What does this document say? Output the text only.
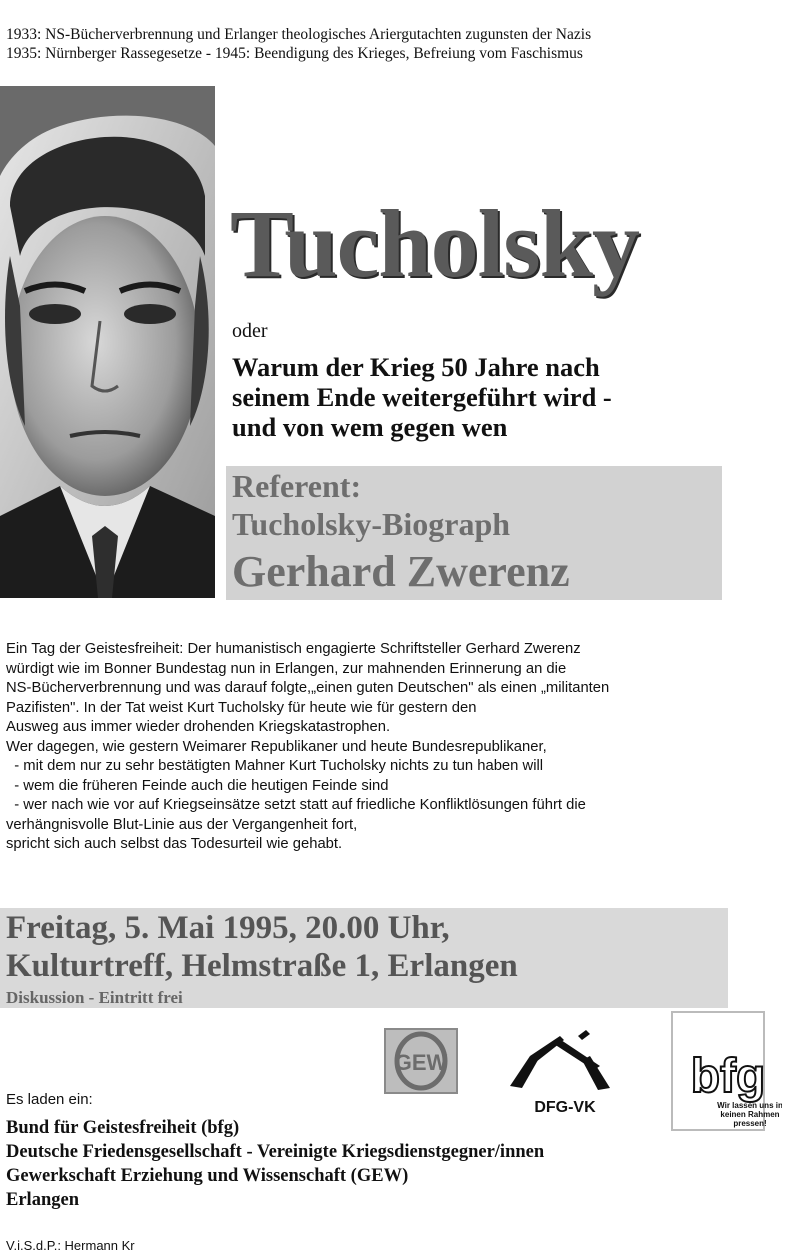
1933: NS-Bücherverbrennung und Erlanger theologisches Ariergutachten zugunsten der Nazis
1935: Nürnberger Rassegesetze - 1945: Beendigung des Krieges, Befreiung vom Faschismus
Tucholsky
oder
Warum der Krieg 50 Jahre nach
seinem Ende weitergeführt wird -
und von wem gegen wen
Referent:
Tucholsky-Biograph
Gerhard Zwerenz
Ein Tag der Geistesfreiheit: Der humanistisch engagierte Schriftsteller Gerhard Zwerenz
würdigt wie im Bonner Bundestag nun in Erlangen, zur mahnenden Erinnerung an die
NS-Bücherverbrennung und was darauf folgte,„einen guten Deutschen" als einen „militanten
Pazifisten". In der Tat weist Kurt Tucholsky für heute wie für gestern den
Ausweg aus immer wieder drohenden Kriegskatastrophen.
Wer dagegen, wie gestern Weimarer Republikaner und heute Bundesrepublikaner,
- mit dem nur zu sehr bestätigten Mahner Kurt Tucholsky nichts zu tun haben will
- wem die früheren Feinde auch die heutigen Feinde sind
- wer nach wie vor auf Kriegseinsätze setzt statt auf friedliche Konfliktlösungen führt die
verhängnisvolle Blut-Linie aus der Vergangenheit fort,
spricht sich auch selbst das Todesurteil wie gehabt.
Freitag, 5. Mai 1995, 20.00 Uhr,
Kulturtreff, Helmstraße 1, Erlangen
Diskussion - Eintritt frei
GEW
DFG-VK
bfg
Wir lassen uns in
keinen Rahmen
pressen!
Es laden ein:
Bund für Geistesfreiheit (bfg)
Deutsche Friedensgesellschaft - Vereinigte Kriegsdienstgegner/innen
Gewerkschaft Erziehung und Wissenschaft (GEW)
Erlangen
V.i.S.d.P.: Hermann Kr
